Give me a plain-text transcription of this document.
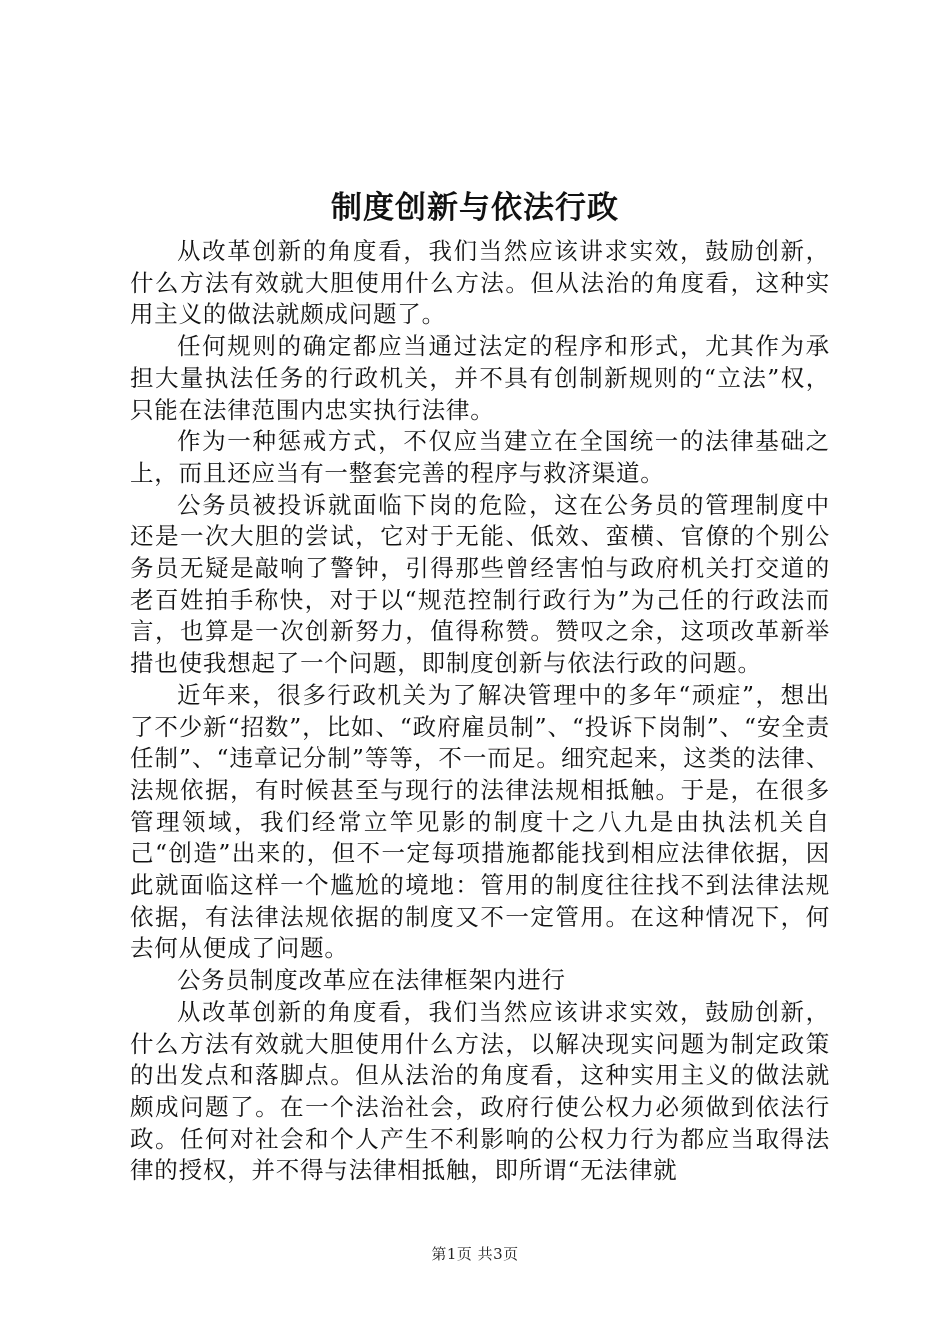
制度创新与依法行政

从改革创新的角度看，我们当然应该讲求实效，鼓励创新，什么方法有效就大胆使用什么方法。但从法治的角度看，这种实用主义的做法就颇成问题了。

任何规则的确定都应当通过法定的程序和形式，尤其作为承担大量执法任务的行政机关，并不具有创制新规则的“立法”权，只能在法律范围内忠实执行法律。

作为一种惩戒方式，不仅应当建立在全国统一的法律基础之上，而且还应当有一整套完善的程序与救济渠道。

公务员被投诉就面临下岗的危险，这在公务员的管理制度中还是一次大胆的尝试，它对于无能、低效、蛮横、官僚的个别公务员无疑是敲响了警钟，引得那些曾经害怕与政府机关打交道的老百姓拍手称快，对于以“规范控制行政行为”为己任的行政法而言，也算是一次创新努力，值得称赞。赞叹之余，这项改革新举措也使我想起了一个问题，即制度创新与依法行政的问题。

近年来，很多行政机关为了解决管理中的多年“顽症”，想出了不少新“招数”，比如、“政府雇员制”、“投诉下岗制”、“安全责任制”、“违章记分制”等等，不一而足。细究起来，这类的法律、法规依据，有时候甚至与现行的法律法规相抵触。于是，在很多管理领域，我们经常立竿见影的制度十之八九是由执法机关自己“创造”出来的，但不一定每项措施都能找到相应法律依据，因此就面临这样一个尴尬的境地：管用的制度往往找不到法律法规依据，有法律法规依据的制度又不一定管用。在这种情况下，何去何从便成了问题。

公务员制度改革应在法律框架内进行

从改革创新的角度看，我们当然应该讲求实效，鼓励创新，什么方法有效就大胆使用什么方法，以解决现实问题为制定政策的出发点和落脚点。但从法治的角度看，这种实用主义的做法就颇成问题了。在一个法治社会，政府行使公权力必须做到依法行政。任何对社会和个人产生不利影响的公权力行为都应当取得法律的授权，并不得与法律相抵触，即所谓“无法律就

第1页 共3页
